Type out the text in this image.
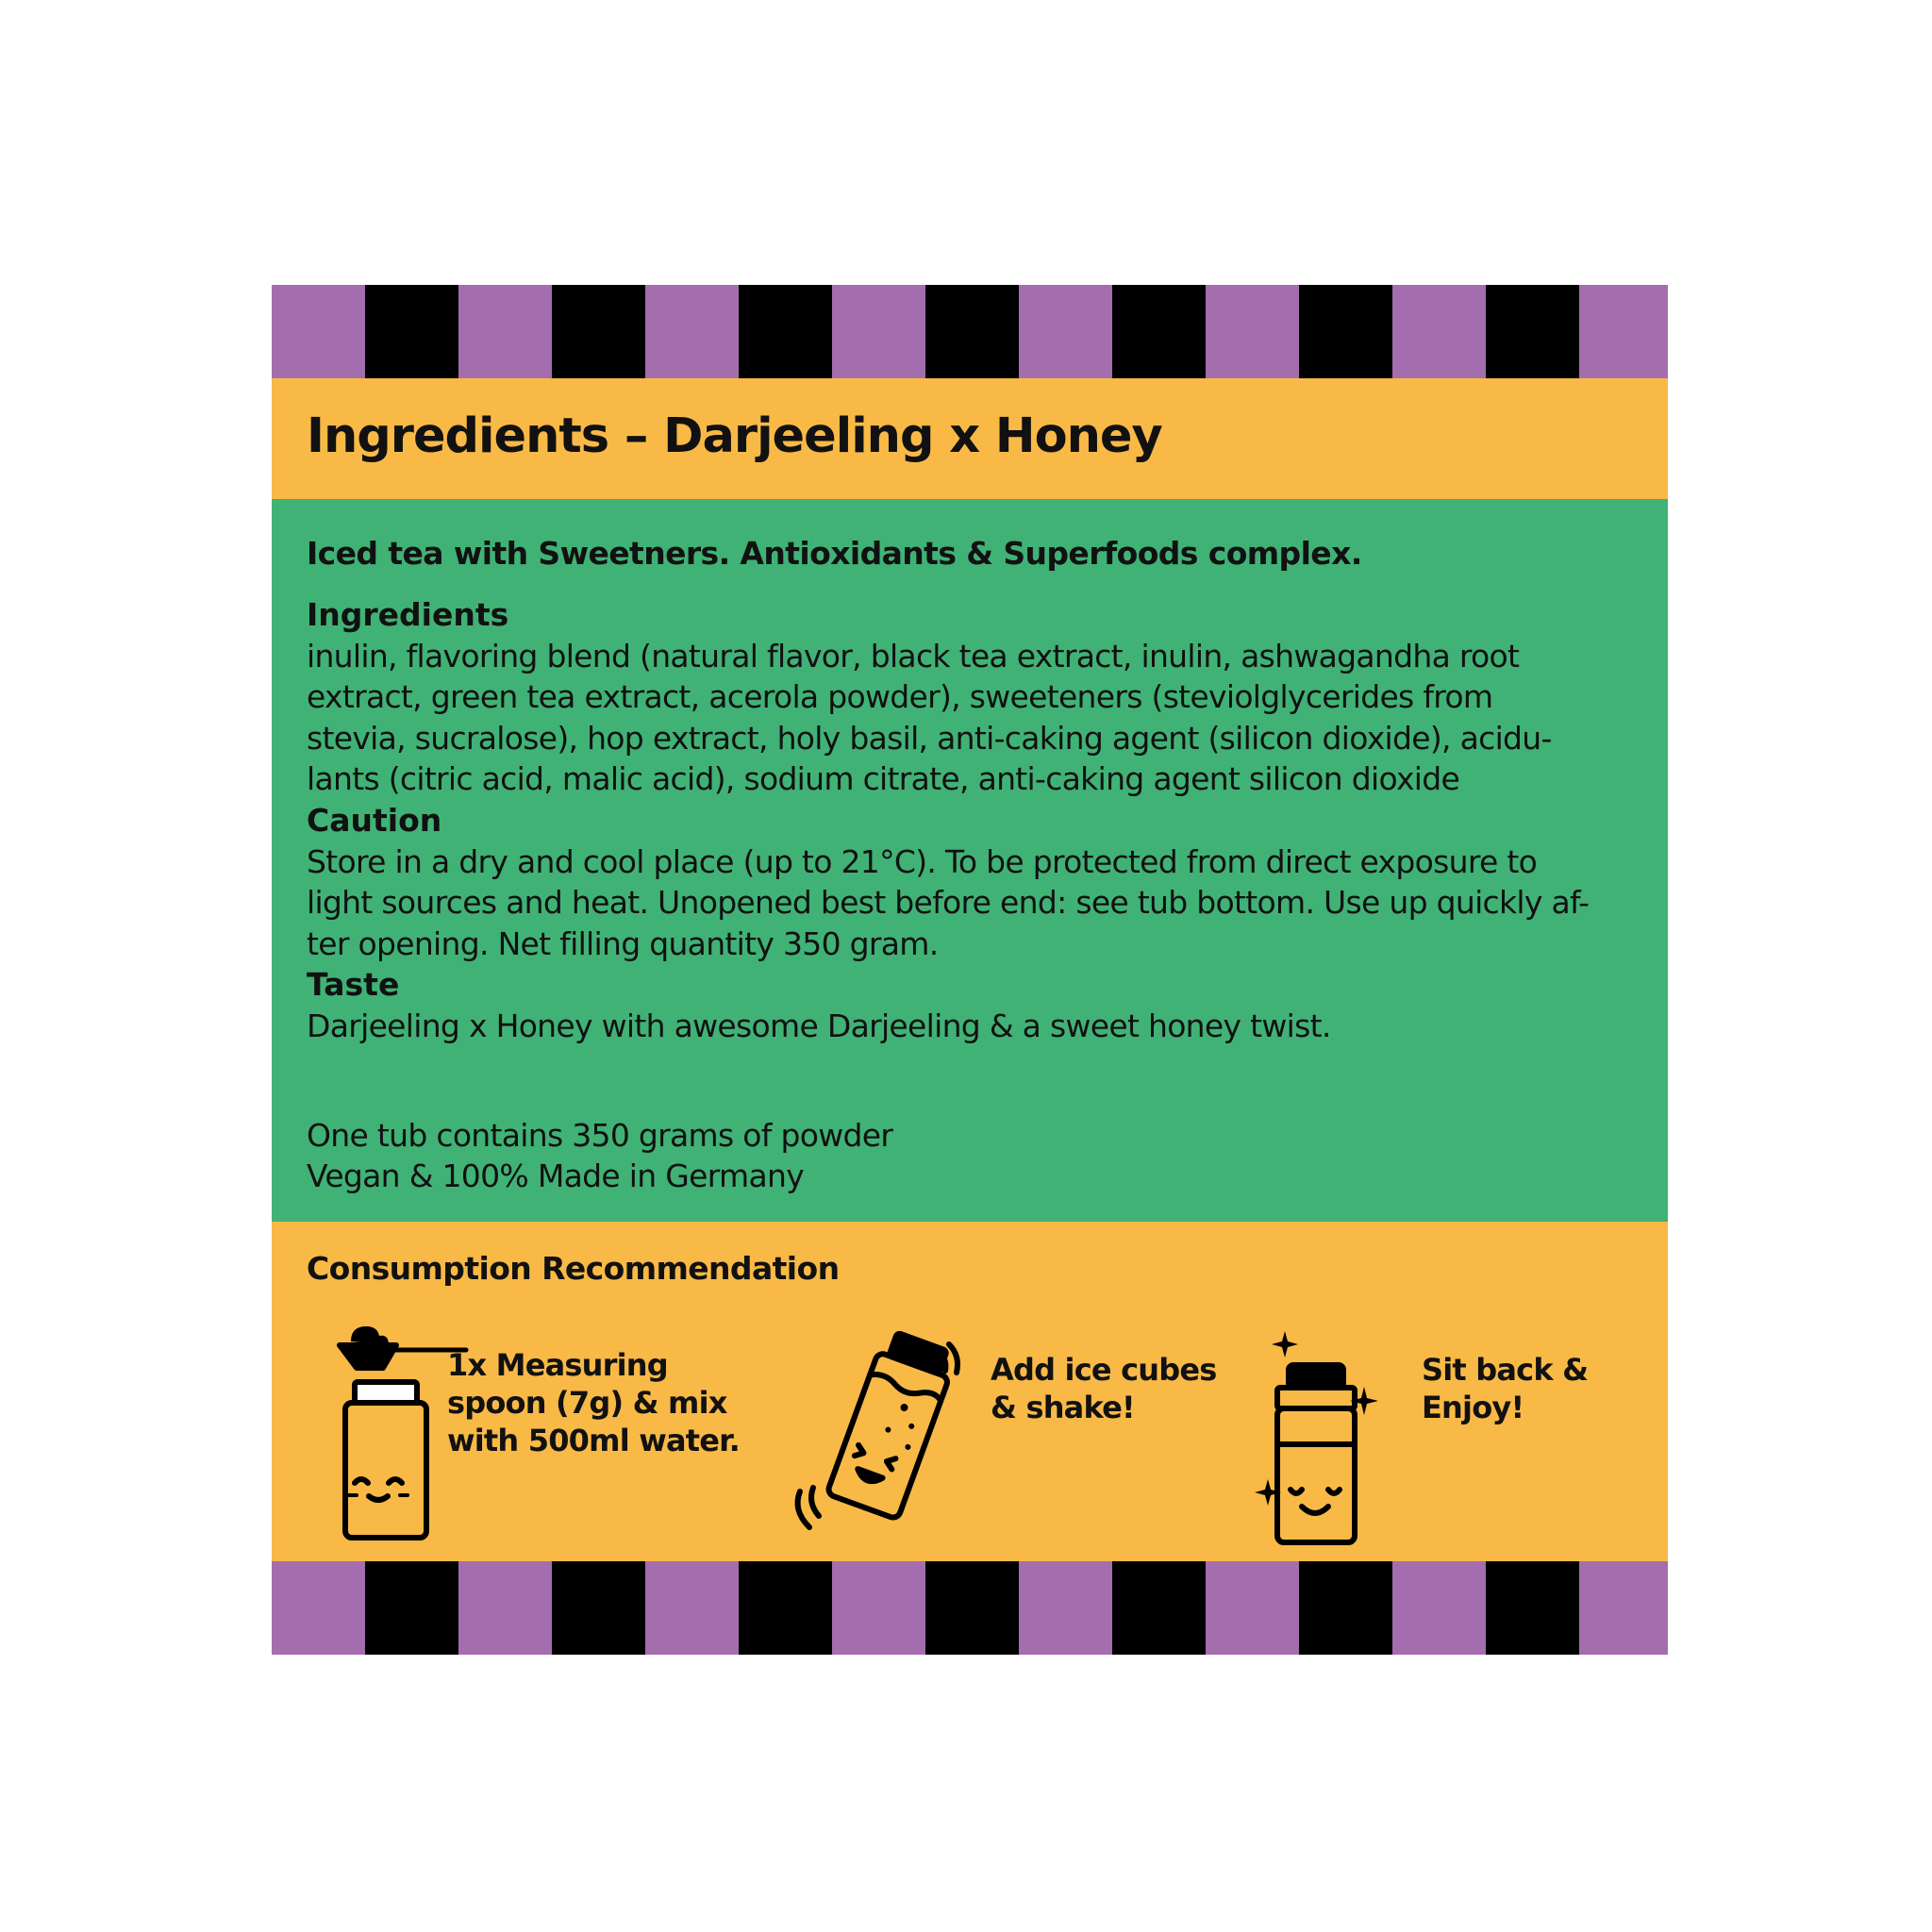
Ingredients – Darjeeling x Honey
Iced tea with Sweetners. Antioxidants & Superfoods complex.
Ingredients
inulin, flavoring blend (natural flavor, black tea extract, inulin, ashwagandha root
extract, green tea extract, acerola powder), sweeteners (steviolglycerides from
stevia, sucralose), hop extract, holy basil, anti-caking agent (silicon dioxide), acidu-
lants (citric acid, malic acid), sodium citrate, anti-caking agent silicon dioxide
Caution
Store in a dry and cool place (up to 21°C). To be protected from direct exposure to
light sources and heat. Unopened best before end: see tub bottom. Use up quickly af-
ter opening. Net filling quantity 350 gram.
Taste
Darjeeling x Honey with awesome Darjeeling & a sweet honey twist.
One tub contains 350 grams of powder
Vegan & 100% Made in Germany
Consumption Recommendation
1x Measuring
spoon (7g) & mix
with 500ml water.
Add ice cubes
& shake!
Sit back &
Enjoy!
